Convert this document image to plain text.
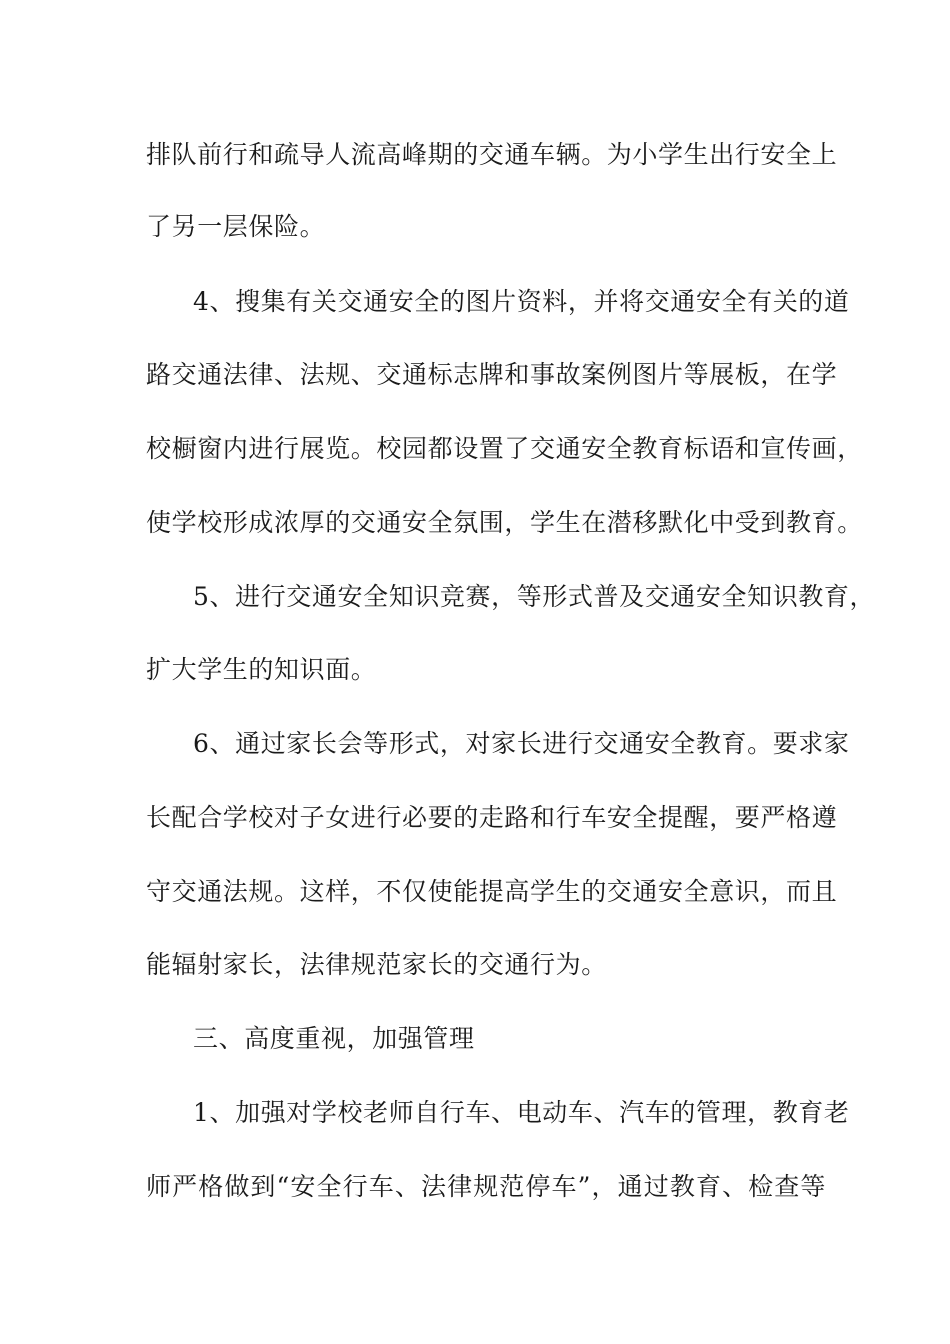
排队前行和疏导人流高峰期的交通车辆。为小学生出行安全上
了另一层保险。
4、搜集有关交通安全的图片资料，并将交通安全有关的道
路交通法律、法规、交通标志牌和事故案例图片等展板，在学
校橱窗内进行展览。校园都设置了交通安全教育标语和宣传画，
使学校形成浓厚的交通安全氛围，学生在潜移默化中受到教育。
5、进行交通安全知识竞赛，等形式普及交通安全知识教育，
扩大学生的知识面。
6、通过家长会等形式，对家长进行交通安全教育。要求家
长配合学校对子女进行必要的走路和行车安全提醒，要严格遵
守交通法规。这样，不仅使能提高学生的交通安全意识，而且
能辐射家长，法律规范家长的交通行为。
三、高度重视，加强管理
1、加强对学校老师自行车、电动车、汽车的管理，教育老
师严格做到“安全行车、法律规范停车”，通过教育、检查等
